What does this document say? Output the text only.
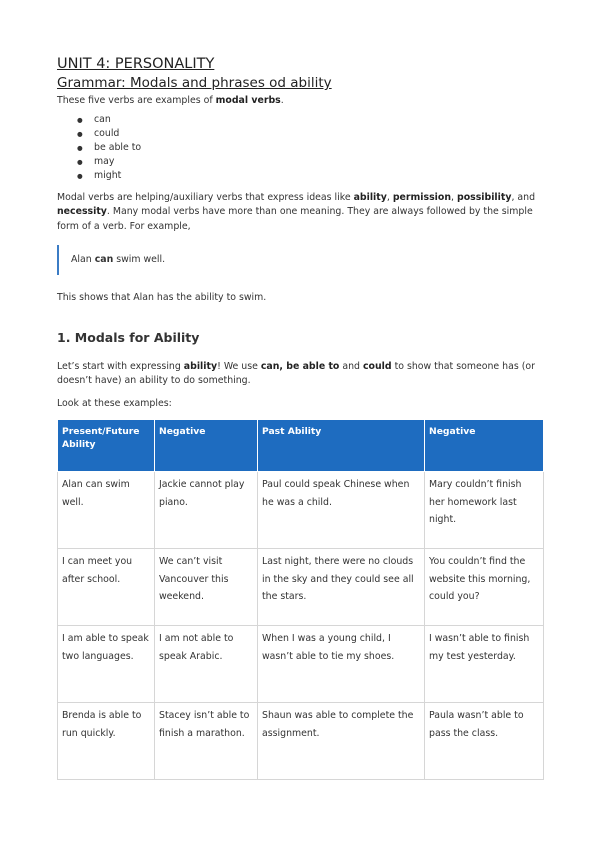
UNIT 4: PERSONALITY
Grammar: Modals and phrases od ability
These five verbs are examples of modal verbs.
● can
● could
● be able to
● may
● might
Modal verbs are helping/auxiliary verbs that express ideas like ability, permission, possibility, and necessity. Many modal verbs have more than one meaning. They are always followed by the simple form of a verb. For example,
Alan can swim well.
This shows that Alan has the ability to swim.
1. Modals for Ability
Let’s start with expressing ability! We use can, be able to and could to show that someone has (or doesn’t have) an ability to do something.
Look at these examples:
Present/Future Ability	Negative	Past Ability	Negative
Alan can swim well.	Jackie cannot play piano.	Paul could speak Chinese when he was a child.	Mary couldn’t finish her homework last night.
I can meet you after school.	We can’t visit Vancouver this weekend.	Last night, there were no clouds in the sky and they could see all the stars.	You couldn’t find the website this morning, could you?
I am able to speak two languages.	I am not able to speak Arabic.	When I was a young child, I wasn’t able to tie my shoes.	I wasn’t able to finish my test yesterday.
Brenda is able to run quickly.	Stacey isn’t able to finish a marathon.	Shaun was able to complete the assignment.	Paula wasn’t able to pass the class.
